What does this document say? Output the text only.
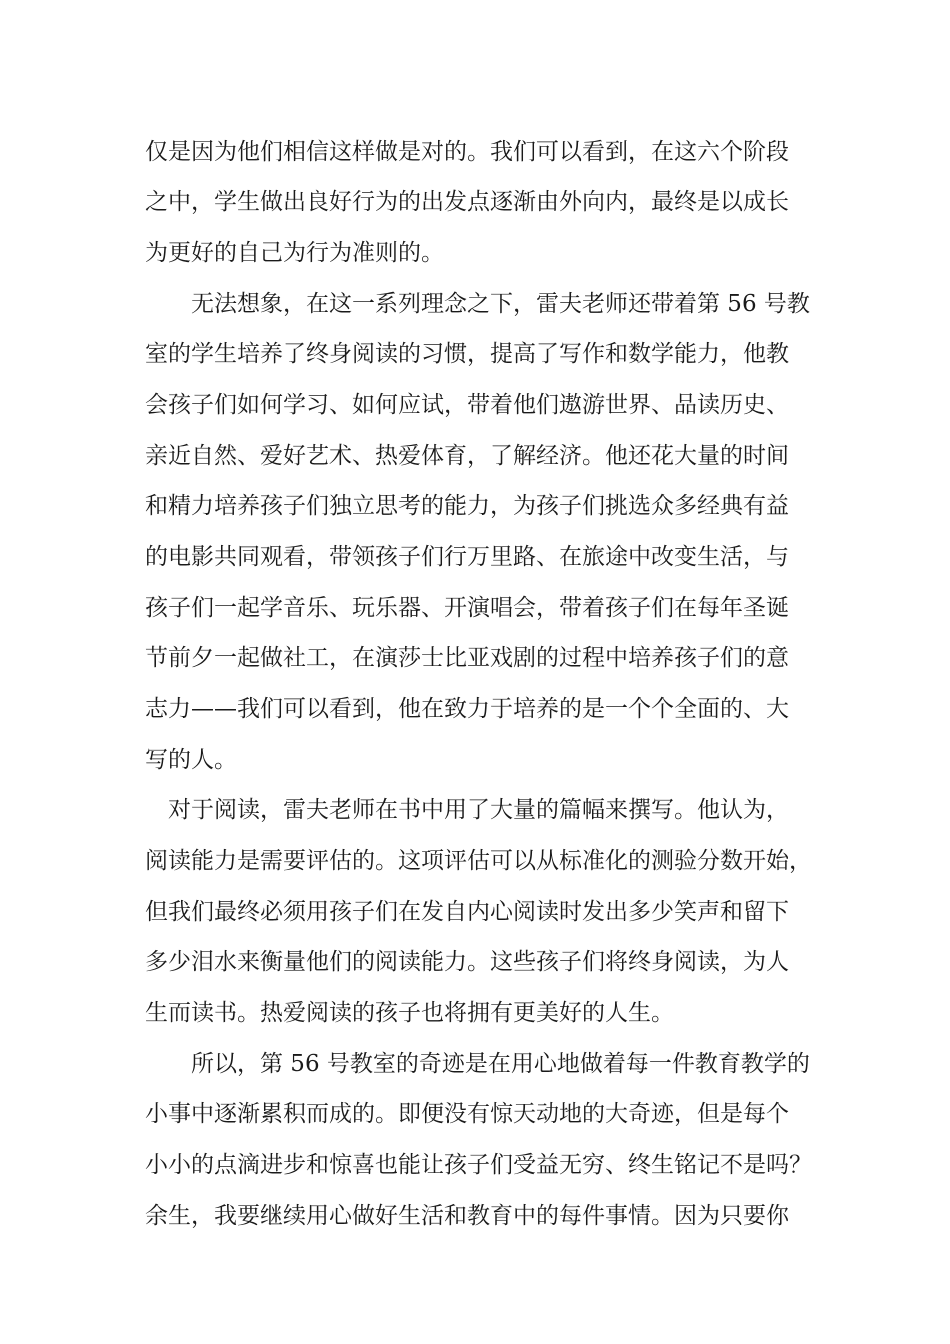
仅是因为他们相信这样做是对的。我们可以看到，在这六个阶段
之中，学生做出良好行为的出发点逐渐由外向内，最终是以成长
为更好的自己为行为准则的。
　　无法想象，在这一系列理念之下，雷夫老师还带着第 56 号教
室的学生培养了终身阅读的习惯，提高了写作和数学能力，他教
会孩子们如何学习、如何应试，带着他们遨游世界、品读历史、
亲近自然、爱好艺术、热爱体育，了解经济。他还花大量的时间
和精力培养孩子们独立思考的能力，为孩子们挑选众多经典有益
的电影共同观看，带领孩子们行万里路、在旅途中改变生活，与
孩子们一起学音乐、玩乐器、开演唱会，带着孩子们在每年圣诞
节前夕一起做社工，在演莎士比亚戏剧的过程中培养孩子们的意
志力——我们可以看到，他在致力于培养的是一个个全面的、大
写的人。
　对于阅读，雷夫老师在书中用了大量的篇幅来撰写。他认为，
阅读能力是需要评估的。这项评估可以从标准化的测验分数开始，
但我们最终必须用孩子们在发自内心阅读时发出多少笑声和留下
多少泪水来衡量他们的阅读能力。这些孩子们将终身阅读，为人
生而读书。热爱阅读的孩子也将拥有更美好的人生。
　　所以，第 56 号教室的奇迹是在用心地做着每一件教育教学的
小事中逐渐累积而成的。即便没有惊天动地的大奇迹，但是每个
小小的点滴进步和惊喜也能让孩子们受益无穷、终生铭记不是吗？
余生，我要继续用心做好生活和教育中的每件事情。因为只要你
